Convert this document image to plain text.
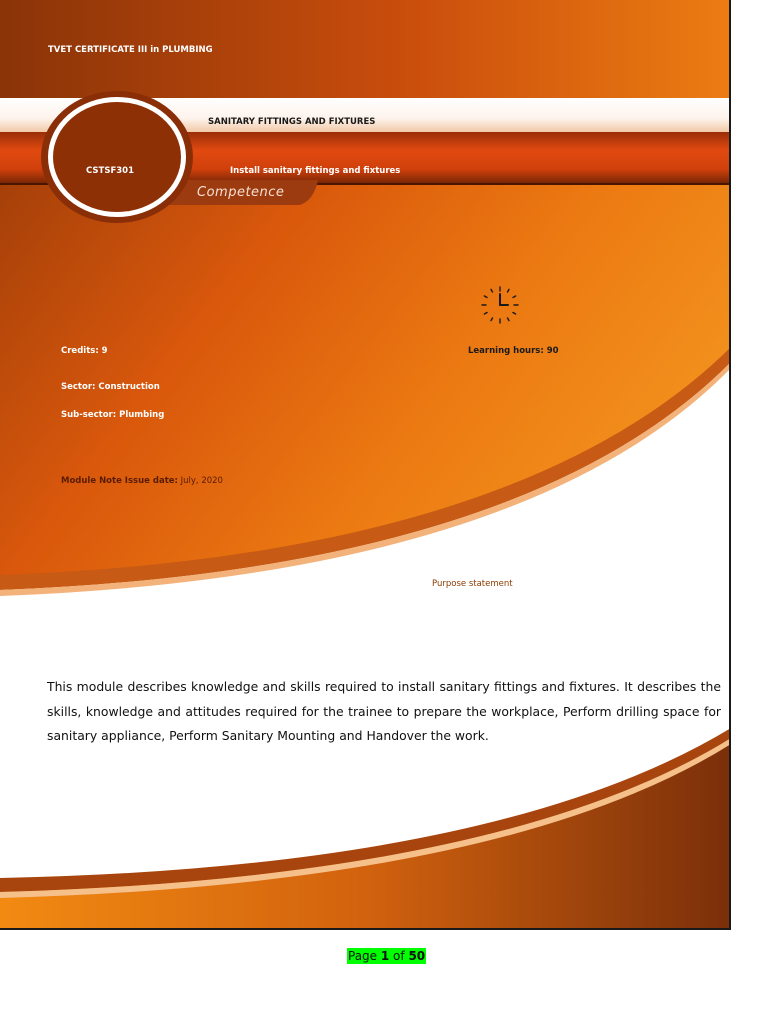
TVET CERTIFICATE III in PLUMBING
SANITARY FITTINGS AND FIXTURES
CSTSF301	Install sanitary fittings and fixtures
Competence
Credits: 9	Learning hours: 90
Sector: Construction
Sub-sector: Plumbing
Module Note Issue date: July, 2020
Purpose statement
This module describes knowledge and skills required to install sanitary fittings and fixtures. It describes the skills, knowledge and attitudes required for the trainee to prepare the workplace, Perform drilling space for sanitary appliance, Perform Sanitary Mounting and Handover the work.
Page 1 of 50
